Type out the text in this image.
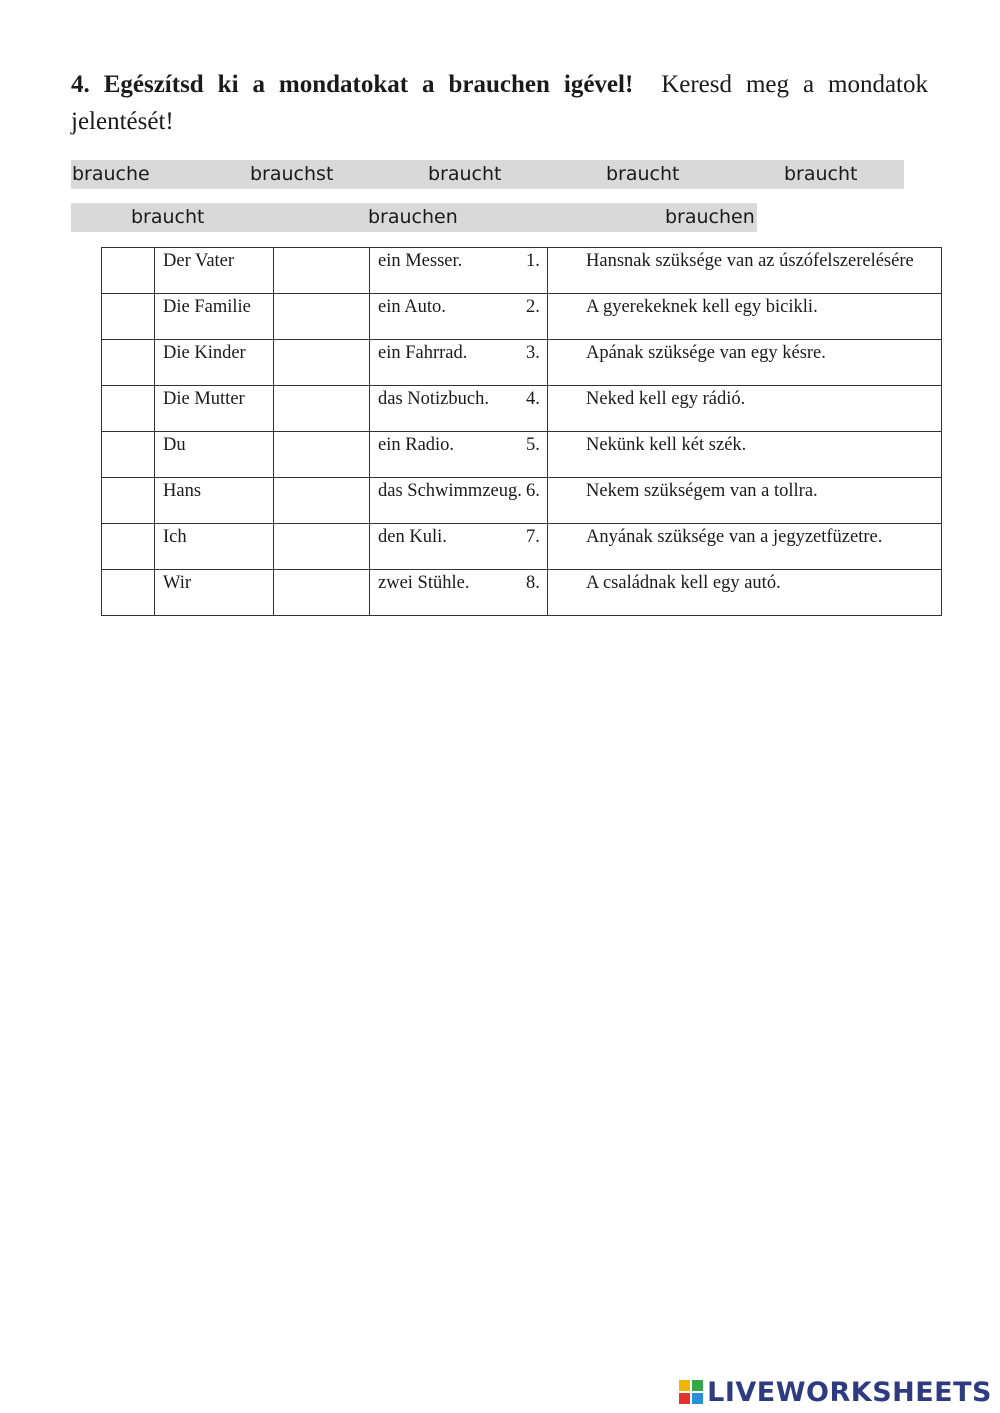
4. Egészítsd ki a mondatokat a brauchen igével! Keresd meg a mondatok jelentését!
brauche	brauchst	braucht	braucht	braucht
braucht	brauchen	brauchen
	Der Vater		ein Messer.	1. Hansnak szüksége van az úszófelszerelésére

	Die Familie		ein Auto.	2. A gyerekeknek kell egy bicikli.

	Die Kinder		ein Fahrrad.	3. Apának szüksége van egy késre.

	Die Mutter		das Notizbuch.	4. Neked kell egy rádió.

	Du		ein Radio.	5. Nekünk kell két szék.

	Hans		das Schwimmzeug.	6. Nekem szükségem van a tollra.

	Ich		den Kuli.	7. Anyának szüksége van a jegyzetfüzetre.

	Wir		zwei Stühle.	8. A családnak kell egy autó.
LIVEWORKSHEETS
